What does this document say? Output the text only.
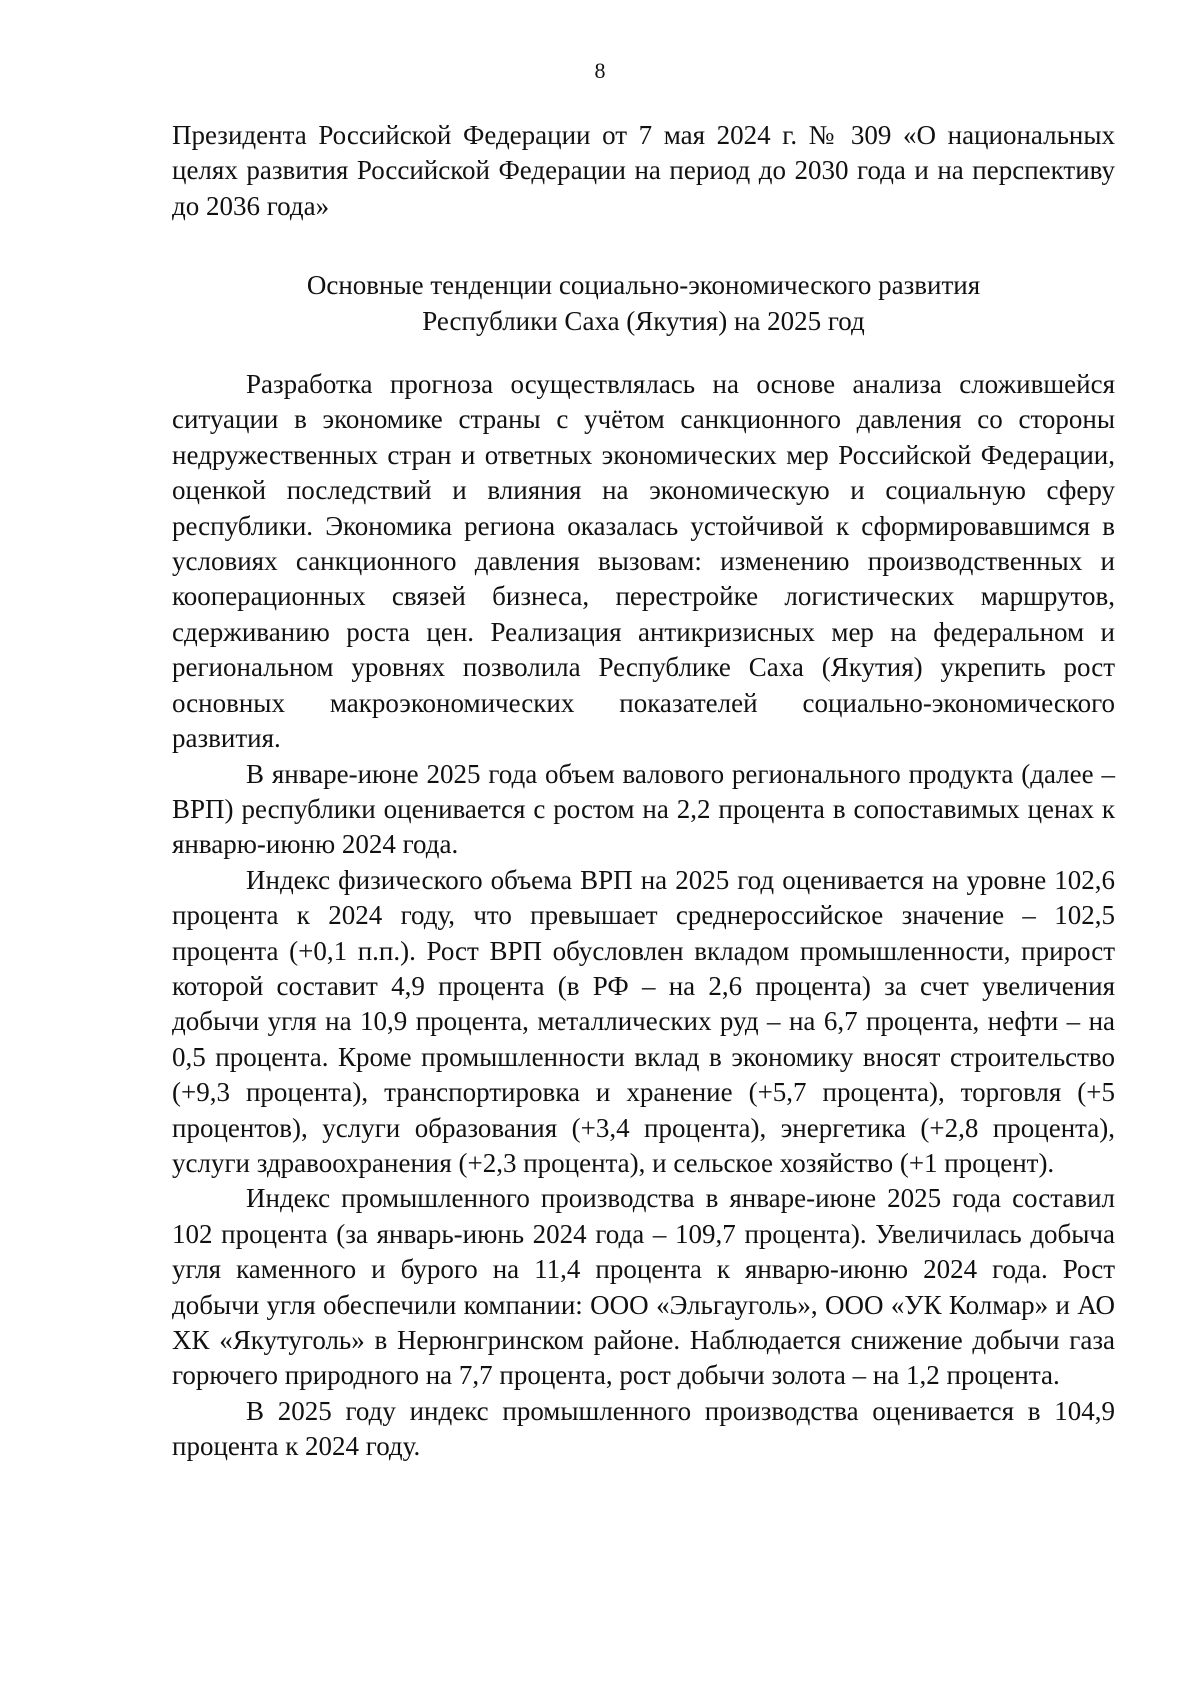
8

Президента Российской Федерации от 7 мая 2024 г. № 309 «О национальных целях развития Российской Федерации на период до 2030 года и на перспективу до 2036 года»

Основные тенденции социально-экономического развития
Республики Саха (Якутия) на 2025 год

Разработка прогноза осуществлялась на основе анализа сложившейся ситуации в экономике страны с учётом санкционного давления со стороны недружественных стран и ответных экономических мер Российской Федерации, оценкой последствий и влияния на экономическую и социальную сферу республики. Экономика региона оказалась устойчивой к сформировавшимся в условиях санкционного давления вызовам: изменению производственных и кооперационных связей бизнеса, перестройке логистических маршрутов, сдерживанию роста цен. Реализация антикризисных мер на федеральном и региональном уровнях позволила Республике Саха (Якутия) укрепить рост основных макроэкономических показателей социально-экономического развития.

В январе-июне 2025 года объем валового регионального продукта (далее – ВРП) республики оценивается с ростом на 2,2 процента в сопоставимых ценах к январю-июню 2024 года.

Индекс физического объема ВРП на 2025 год оценивается на уровне 102,6 процента к 2024 году, что превышает среднероссийское значение – 102,5 процента (+0,1 п.п.). Рост ВРП обусловлен вкладом промышленности, прирост которой составит 4,9 процента (в РФ – на 2,6 процента) за счет увеличения добычи угля на 10,9 процента, металлических руд – на 6,7 процента, нефти – на 0,5 процента. Кроме промышленности вклад в экономику вносят строительство (+9,3 процента), транспортировка и хранение (+5,7 процента), торговля (+5 процентов), услуги образования (+3,4 процента), энергетика (+2,8 процента), услуги здравоохранения (+2,3 процента), и сельское хозяйство (+1 процент).

Индекс промышленного производства в январе-июне 2025 года составил 102 процента (за январь-июнь 2024 года – 109,7 процента). Увеличилась добыча угля каменного и бурого на 11,4 процента к январю-июню 2024 года. Рост добычи угля обеспечили компании: ООО «Эльгауголь», ООО «УК Колмар» и АО ХК «Якутуголь» в Нерюнгринском районе. Наблюдается снижение добычи газа горючего природного на 7,7 процента, рост добычи золота – на 1,2 процента.

В 2025 году индекс промышленного производства оценивается в 104,9 процента к 2024 году.
